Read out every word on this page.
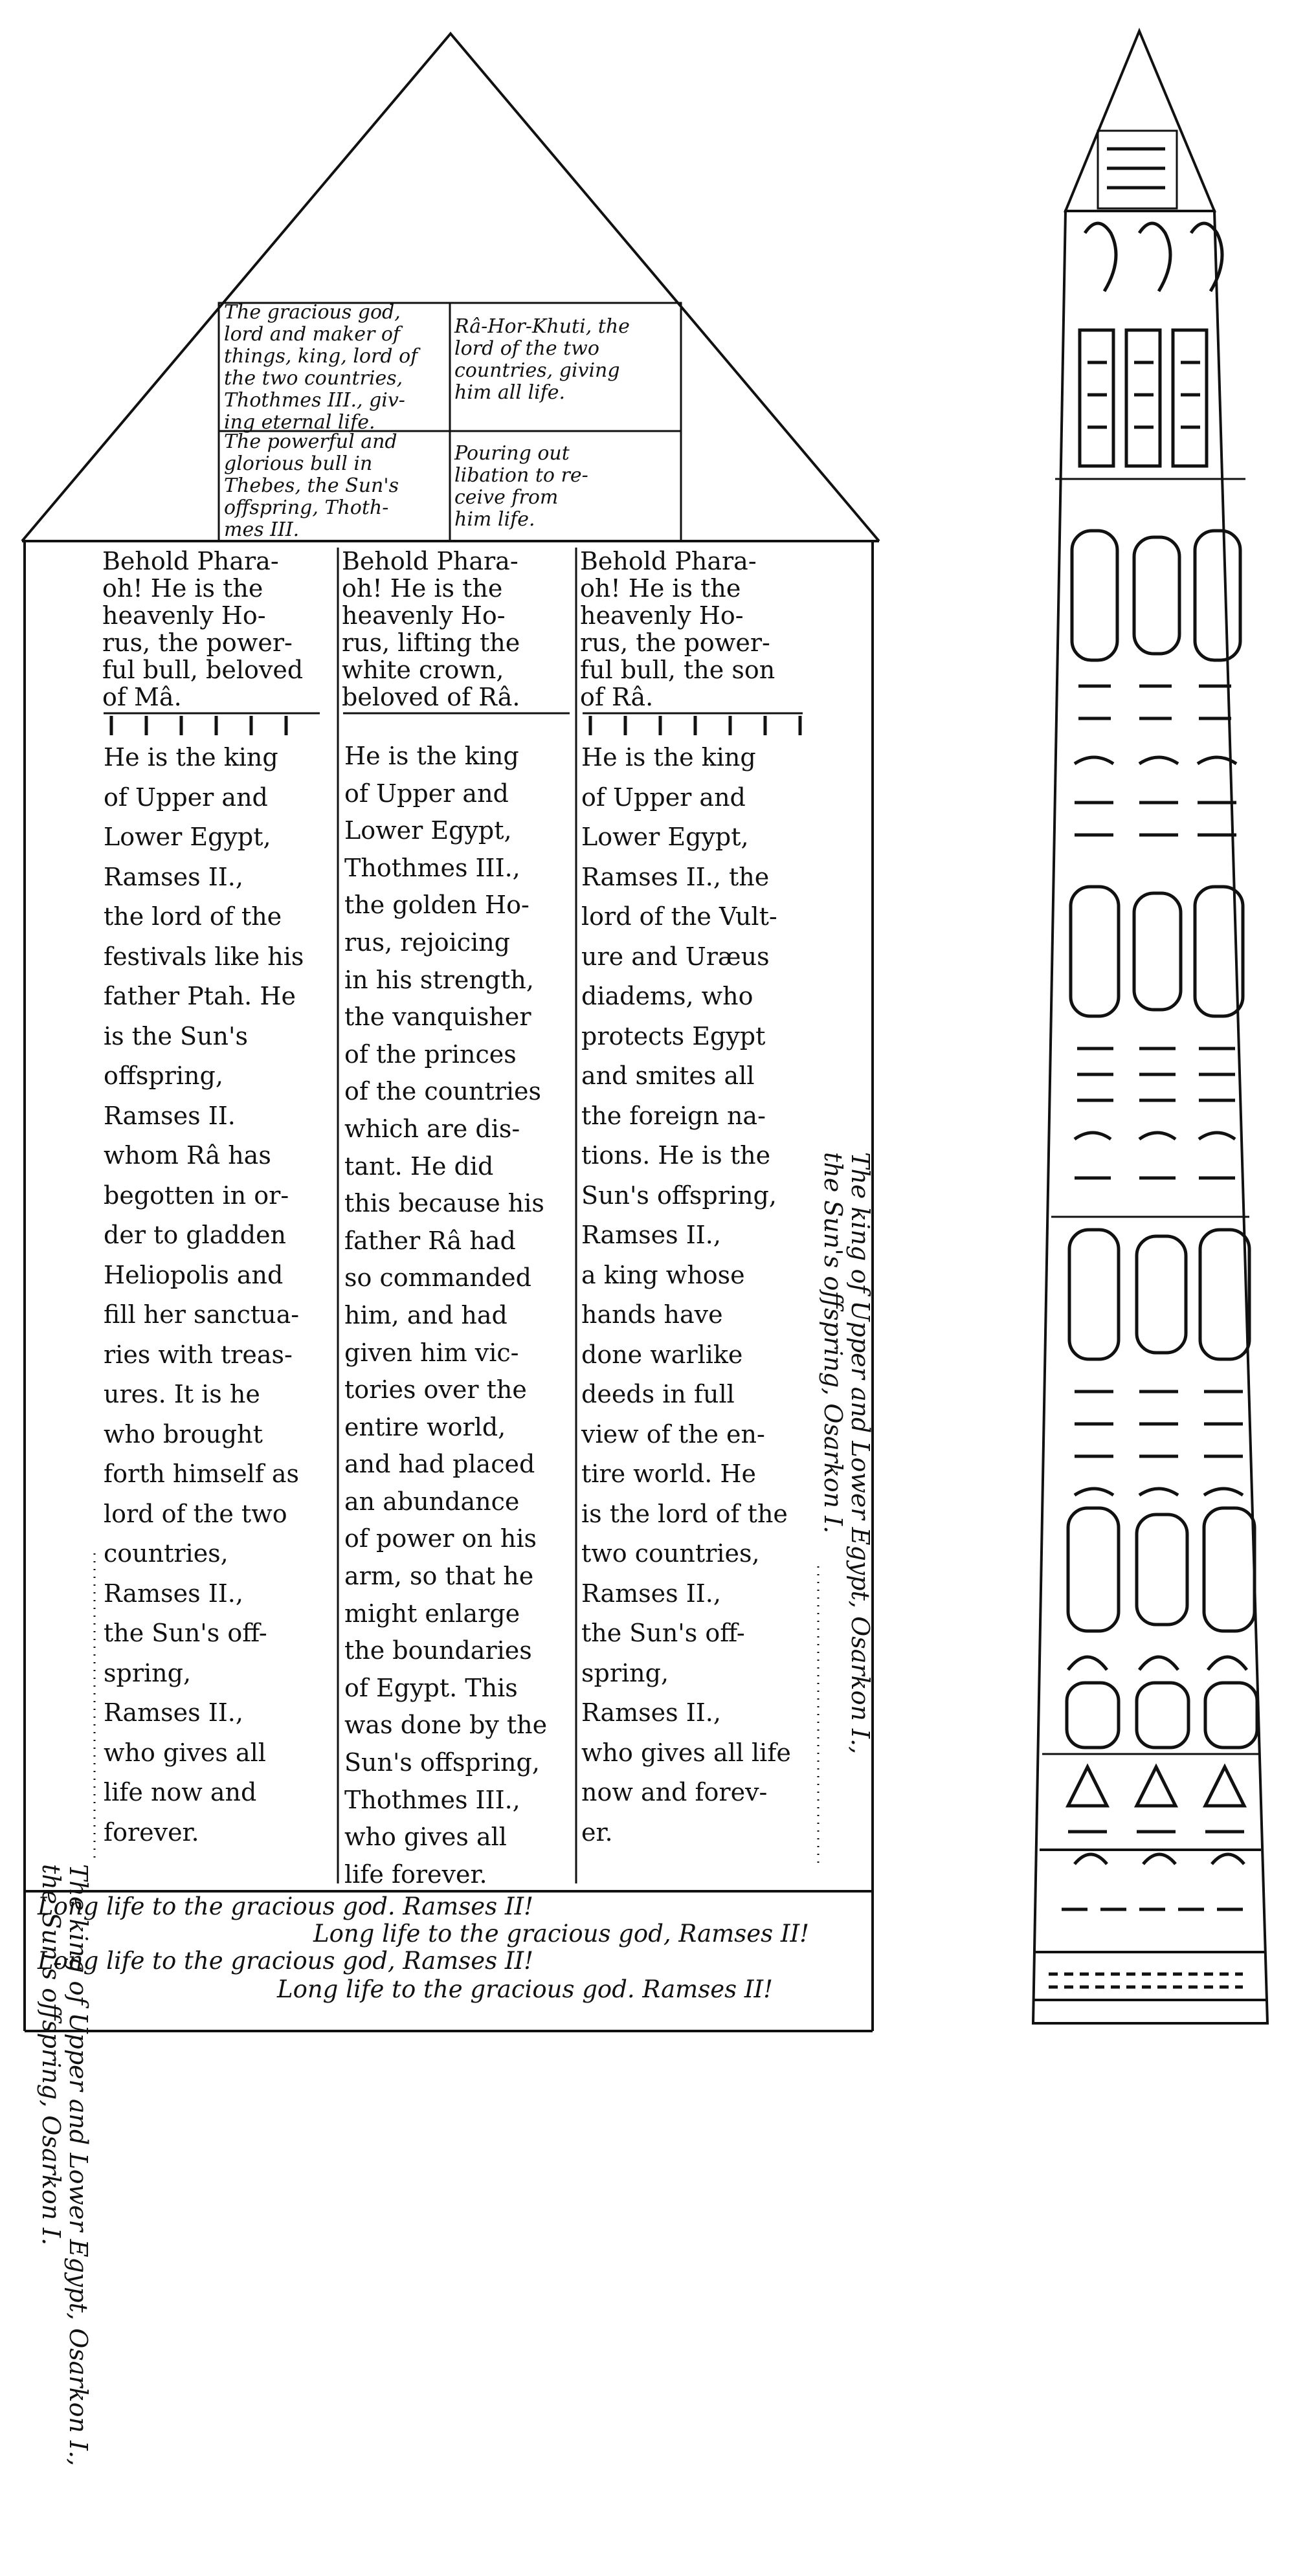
The gracious god,
lord and maker of
things, king, lord of
the two countries,
Thothmes III., giv-
ing eternal life.
The powerful and
glorious bull in
Thebes, the Sun's
offspring, Thoth-
mes III.
Râ-Hor-Khuti, the
lord of the two
countries, giving
him all life.
Pouring out
libation to re-
ceive from
him life.
Behold Phara-
oh! He is the
heavenly Ho-
rus, the power-
ful bull, beloved
of Mâ.
He is the king
of Upper and
Lower Egypt,
Ramses II.,
the lord of the
festivals like his
father Ptah. He
is the Sun's
offspring,
Ramses II.
whom Râ has
begotten in or-
der to gladden
Heliopolis and
fill her sanctua-
ries with treas-
ures. It is he
who brought
forth himself as
lord of the two
countries,
Ramses II.,
the Sun's off-
spring,
Ramses II.,
who gives all
life now and
forever.
Behold Phara-
oh! He is the
heavenly Ho-
rus, lifting the
white crown,
beloved of Râ.
He is the king
of Upper and
Lower Egypt,
Thothmes III.,
the golden Ho-
rus, rejoicing
in his strength,
the vanquisher
of the princes
of the countries
which are dis-
tant. He did
this because his
father Râ had
so commanded
him, and had
given him vic-
tories over the
entire world,
and had placed
an abundance
of power on his
arm, so that he
might enlarge
the boundaries
of Egypt. This
was done by the
Sun's offspring,
Thothmes III.,
who gives all
life forever.
Behold Phara-
oh! He is the
heavenly Ho-
rus, the power-
ful bull, the son
of Râ.
He is the king
of Upper and
Lower Egypt,
Ramses II., the
lord of the Vult-
ure and Uræus
diadems, who
protects Egypt
and smites all
the foreign na-
tions. He is the
Sun's offspring,
Ramses II.,
a king whose
hands have
done warlike
deeds in full
view of the en-
tire world. He
is the lord of the
two countries,
Ramses II.,
the Sun's off-
spring,
Ramses II.,
who gives all life
now and forev-
er.
The king of Upper and Lower Egypt, Osarkon I.,
the Sun's offspring, Osarkon I.
The king of Upper and Lower Egypt, Osarkon I.,
the Sun's offspring, Osarkon I.
Long life to the gracious god. Ramses II!
Long life to the gracious god, Ramses II!
Long life to the gracious god, Ramses II!
Long life to the gracious god. Ramses II!
